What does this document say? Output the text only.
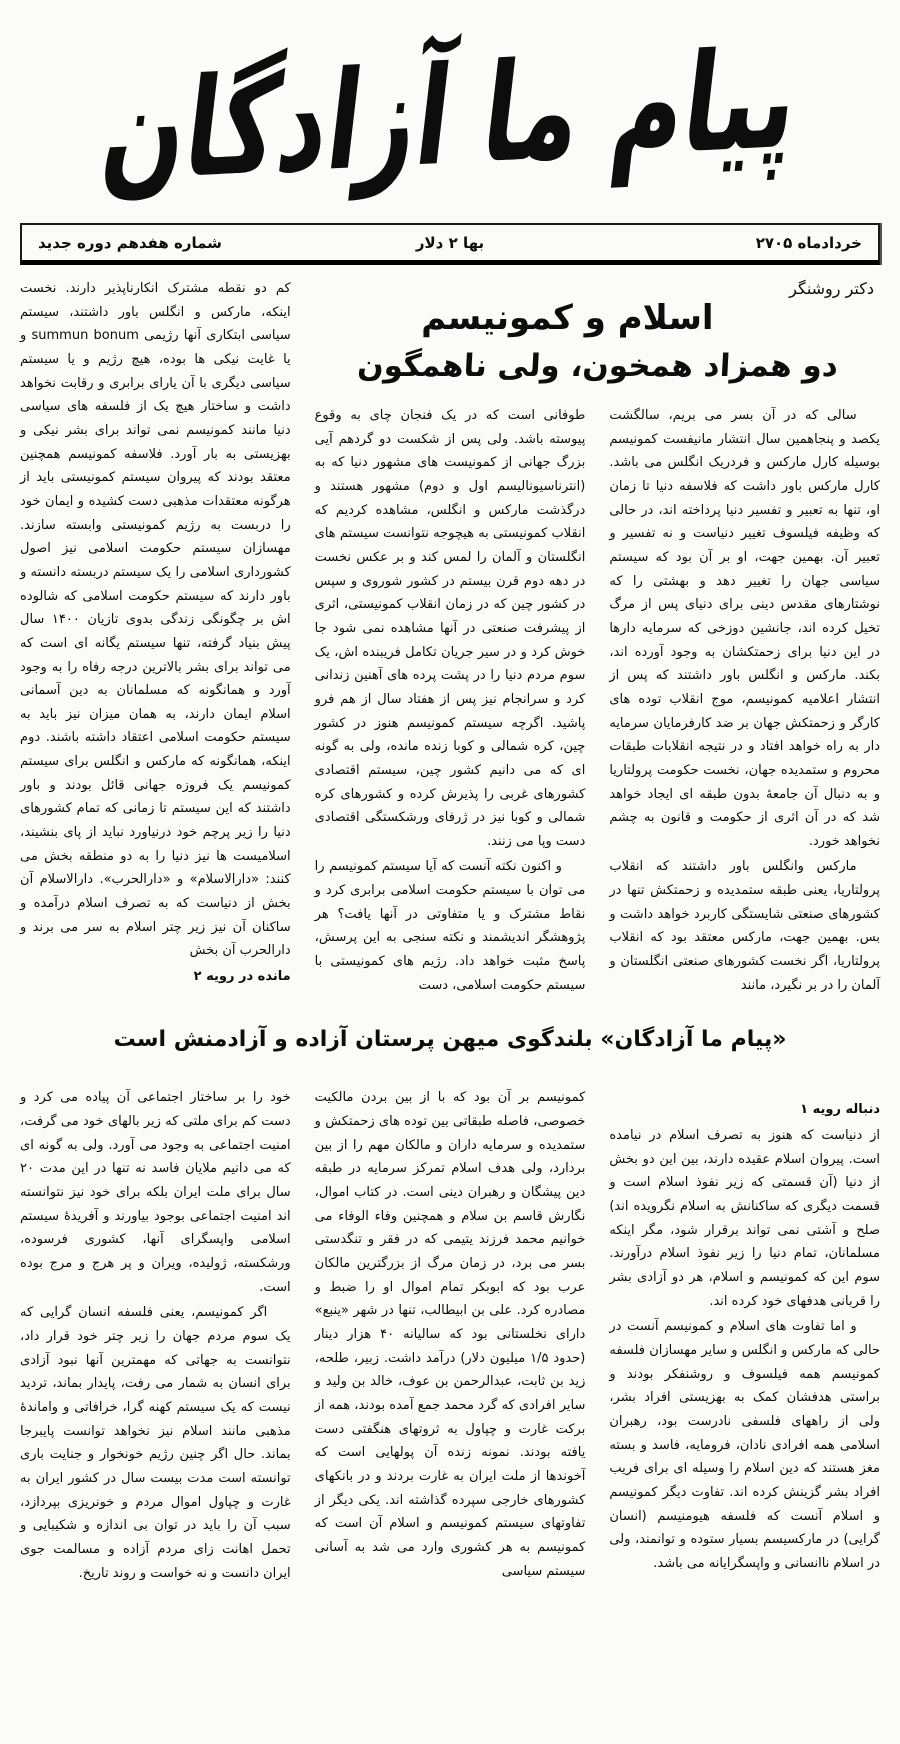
پیام ما آزادگان
خردادماه ۲۷۰۵
بها ۲ دلار
شماره هفدهم دوره جدید
دکتر روشنگر
اسلام و کمونیسم
دو همزاد همخون، ولی ناهمگون

سالی که در آن بسر می بریم، سالگشت یکصد و پنجاهمین سال انتشار مانیفست کمونیسم بوسیله کارل مارکس و فردریک انگلس می باشد. کارل مارکس باور داشت که فلاسفه دنیا تا زمان او، تنها به تعبیر و تفسیر دنیا پرداخته اند، در حالی که وظیفه فیلسوف تغییر دنیاست و نه تفسیر و تعبیر آن. بهمین جهت، او بر آن بود که سیستم سیاسی جهان را تغییر دهد و بهشتی را که نوشتارهای مقدس دینی برای دنیای پس از مرگ تخیل کرده اند، جانشین دوزخی که سرمایه دارها در این دنیا برای زحمتکشان به وجود آورده اند، بکند. مارکس و انگلس باور داشتند که پس از انتشار اعلامیه کمونیسم، موج انقلاب توده های کارگر و زحمتکش جهان بر ضد کارفرمایان سرمایه دار به راه خواهد افتاد و در نتیجه انقلابات طبقات محروم و ستمدیده جهان، نخست حکومت پرولتاریا و به دنبال آن جامعهٔ بدون طبقه ای ایجاد خواهد شد که در آن اثری از حکومت و قانون به چشم نخواهد خورد.

مارکس وانگلس باور داشتند که انقلاب پرولتاریا، یعنی طبقه ستمدیده و زحمتکش تنها در کشورهای صنعتی شایستگی کاربرد خواهد داشت و بس. بهمین جهت، مارکس معتقد بود که انقلاب پرولتاریا، اگر نخست کشورهای صنعتی انگلستان و آلمان را در بر نگیرد، مانند

طوفانی است که در یک فنجان چای به وقوع پیوسته باشد. ولی پس از شکست دو گردهم آیی بزرگ جهانی از کمونیست های مشهور دنیا که به (انترناسیونالیسم اول و دوم) مشهور هستند و درگذشت مارکس و انگلس، مشاهده کردیم که انقلاب کمونیستی به هیچوجه نتوانست سیستم های انگلستان و آلمان را لمس کند و بر عکس نخست در دهه دوم قرن بیستم در کشور شوروی و سپس در کشور چین که در زمان انقلاب کمونیستی، اثری از پیشرفت صنعتی در آنها مشاهده نمی شود جا خوش کرد و در سیر جریان تکامل فریبنده اش، یک سوم مردم دنیا را در پشت پرده های آهنین زندانی کرد و سرانجام نیز پس از هفتاد سال از هم فرو پاشید. اگرچه سیستم کمونیسم هنوز در کشور چین، کره شمالی و کوبا زنده مانده، ولی به گونه ای که می دانیم کشور چین، سیستم اقتصادی کشورهای غربی را پذیرش کرده و کشورهای کره شمالی و کوبا نیز در ژرفای ورشکستگی اقتصادی دست وپا می زنند.

و اکنون نکته آنست که آیا سیستم کمونیسم را می توان با سیستم حکومت اسلامی برابری کرد و نقاط مشترک و یا متفاوتی در آنها یافت؟ هر پژوهشگر اندیشمند و نکته سنجی به این پرسش، پاسخ مثبت خواهد داد. رژیم های کمونیستی با سیستم حکومت اسلامی، دست

کم دو نقطه مشترک انکارناپذیر دارند. نخست اینکه، مارکس و انگلس باور داشتند، سیستم سیاسی ابتکاری آنها رژیمی summun bonum و یا غایت نیکی ها بوده، هیچ رژیم و یا سیستم سیاسی دیگری با آن یارای برابری و رقابت نخواهد داشت و ساختار هیچ یک از فلسفه های سیاسی دنیا مانند کمونیسم نمی تواند برای بشر نیکی و بهزیستی به بار آورد. فلاسفه کمونیسم همچنین معتقد بودند که پیروان سیستم کمونیستی باید از هرگونه معتقدات مذهبی دست کشیده و ایمان خود را دربست به رژیم کمونیستی وابسته سازند. مهسازان سیستم حکومت اسلامی نیز اصول کشورداری اسلامی را یک سیستم دربسته دانسته و باور دارند که سیستم حکومت اسلامی که شالوده اش بر چگونگی زندگی بدوی تازیان ۱۴۰۰ سال پیش بنیاد گرفته، تنها سیستم یگانه ای است که می تواند برای بشر بالاترین درجه رفاه را به وجود آورد و همانگونه که مسلمانان به دین آسمانی اسلام ایمان دارند، به همان میزان نیز باید به سیستم حکومت اسلامی اعتقاد داشته باشند. دوم اینکه، همانگونه که مارکس و انگلس برای سیستم کمونیسم یک فروزه جهانی قائل بودند و باور داشتند که این سیستم تا زمانی که تمام کشورهای دنیا را زیر پرچم خود درنیاورد نباید از پای بنشیند، اسلامیست ها نیز دنیا را به دو منطقه بخش می کنند: «دارالاسلام» و «دارالحرب». دارالاسلام آن بخش از دنیاست که به تصرف اسلام درآمده و ساکنان آن نیز زیر چتر اسلام به سر می برند و دارالحرب آن بخش

مانده در رویه ۲

«پیام ما آزادگان» بلندگوی میهن پرستان آزاده و آزادمنش است

دنباله رویه ۱

از دنیاست که هنوز به تصرف اسلام در نیامده است. پیروان اسلام عقیده دارند، بین این دو بخش از دنیا (آن قسمتی که زیر نفوذ اسلام است و قسمت دیگری که ساکنانش به اسلام نگرویده اند) صلح و آشتی نمی تواند برقرار شود، مگر اینکه مسلمانان، تمام دنیا را زیر نفوذ اسلام درآورند. سوم این که کمونیسم و اسلام، هر دو آزادی بشر را قربانی هدفهای خود کرده اند.

و اما تفاوت های اسلام و کمونیسم آنست در حالی که مارکس و انگلس و سایر مهسازان فلسفه کمونیسم همه فیلسوف و روشنفکر بودند و براستی هدفشان کمک به بهزیستی افراد بشر، ولی از راههای فلسفی نادرست بود، رهبران اسلامی همه افرادی نادان، فرومایه، فاسد و بسته مغز هستند که دین اسلام را وسیله ای برای فریب افراد بشر گزینش کرده اند. تفاوت دیگر کمونیسم و اسلام آنست که فلسفه هیومنیسم (انسان گرایی) در مارکسیسم بسیار ستوده و توانمند، ولی در اسلام ناانسانی و واپسگرایانه می باشد.

کمونیسم بر آن بود که با از بین بردن مالکیت خصوصی، فاصله طبقاتی بین توده های زحمتکش و ستمدیده و سرمایه داران و مالکان مهم را از بین بردارد، ولی هدف اسلام تمرکز سرمایه در طبقه دین پیشگان و رهبران دینی است. در کتاب اموال، نگارش قاسم بن سلام و همچنین وفاء الوفاء می خوانیم محمد فرزند یتیمی که در فقر و تنگدستی بسر می برد، در زمان مرگ از بزرگترین مالکان عرب بود که ابوبکر تمام اموال او را ضبط و مصادره کرد. علی بن ابیطالب، تنها در شهر «ینبع» دارای نخلستانی بود که سالیانه ۴۰ هزار دینار (حدود ۱/۵ میلیون دلار) درآمد داشت. زبیر، طلحه، زید بن ثابت، عبدالرحمن بن عوف، خالد بن ولید و سایر افرادی که گرد محمد جمع آمده بودند، همه از برکت غارت و چپاول به ثروتهای هنگفتی دست یافته بودند. نمونه زنده آن پولهایی است که آخوندها از ملت ایران به غارت بردند و در بانکهای کشورهای خارجی سپرده گذاشته اند. یکی دیگر از تفاوتهای سیستم کمونیسم و اسلام آن است که کمونیسم به هر کشوری وارد می شد به آسانی سیستم سیاسی

خود را بر ساختار اجتماعی آن پیاده می کرد و دست کم برای ملتی که زیر بالهای خود می گرفت، امنیت اجتماعی به وجود می آورد. ولی به گونه ای که می دانیم ملایان فاسد نه تنها در این مدت ۲۰ سال برای ملت ایران بلکه برای خود نیز نتوانسته اند امنیت اجتماعی بوجود بیاورند و آفریدهٔ سیستم اسلامی واپسگرای آنها، کشوری فرسوده، ورشکسته، ژولیده، ویران و پر هرج و مرج بوده است.

اگر کمونیسم، یعنی فلسفه انسان گرایی که یک سوم مردم جهان را زیر چتر خود قرار داد، نتوانست به جهاتی که مهمترین آنها نبود آزادی برای انسان به شمار می رفت، پایدار بماند، تردید نیست که یک سیستم کهنه گرا، خرافاتی و واماندهٔ مذهبی مانند اسلام نیز نخواهد توانست پایبرجا بماند. حال اگر چنین رژیم خونخوار و جنایت باری توانسته است مدت بیست سال در کشور ایران به غارت و چپاول اموال مردم و خونریزی بپردازد، سبب آن را باید در توان بی اندازه و شکیبایی و تحمل اهانت زای مردم آزاده و مسالمت جوی ایران دانست و نه خواست و روند تاریخ.
